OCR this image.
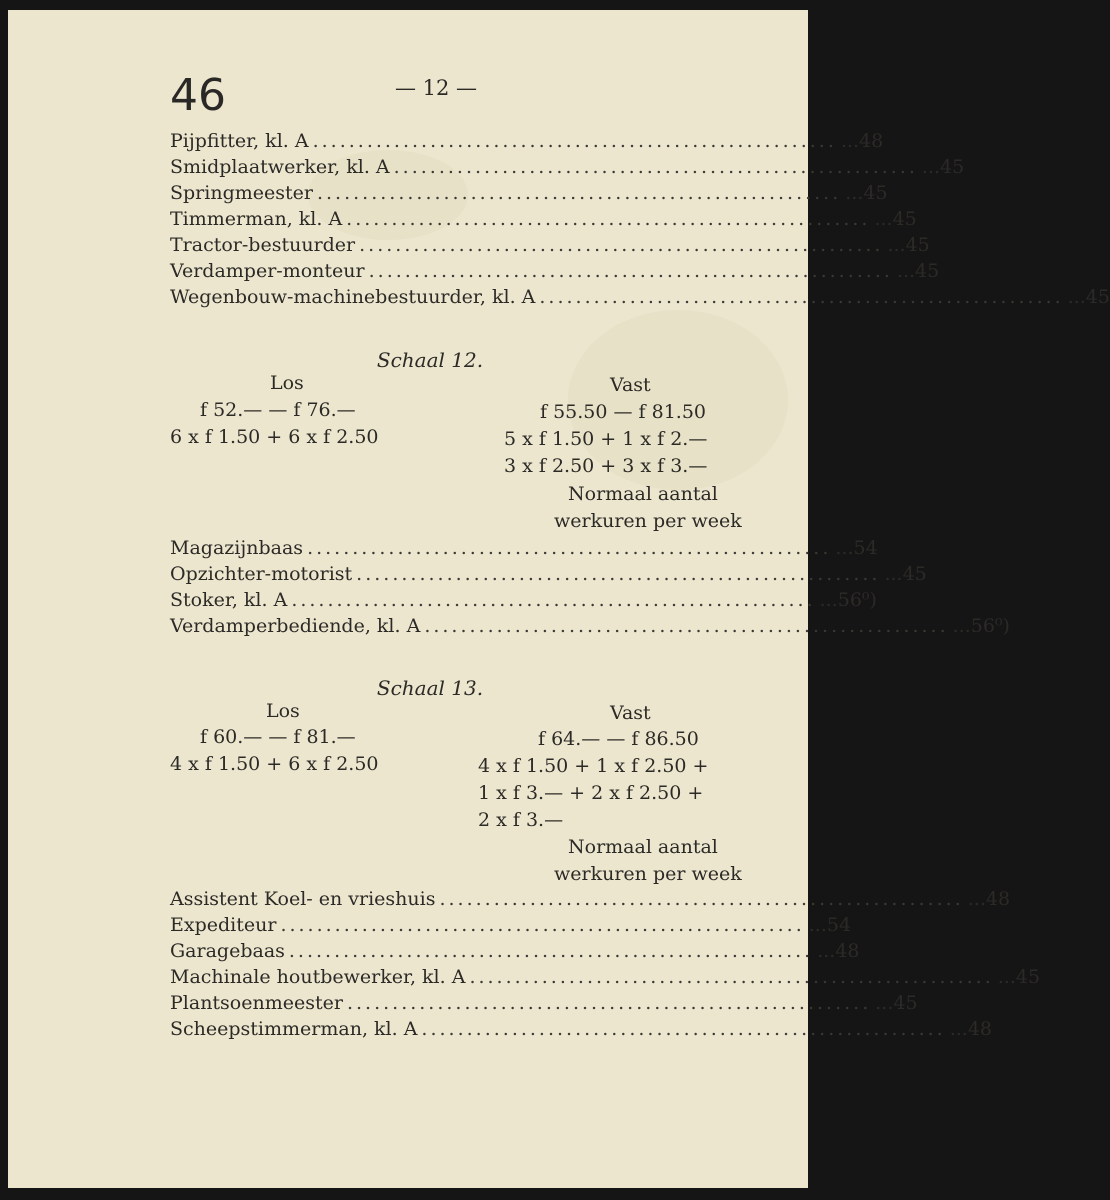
46	— 12 —
Pijpfitter, kl. A .......................................................... ...48
Smidplaatwerker, kl. A .......................................................... ...45
Springmeester .......................................................... ...45
Timmerman, kl. A .......................................................... ...45
Tractor-bestuurder .......................................................... ...45
Verdamper-monteur .......................................................... ...45
Wegenbouw-machinebestuurder, kl. A .......................................................... ...45
Schaal 12.
Los
f 52.— — f 76.—
6 x f 1.50 + 6 x f 2.50
Vast
f 55.50 — f 81.50
5 x f 1.50 + 1 x f 2.—
3 x f 2.50 + 3 x f 3.—
Normaal aantal
werkuren per week
Magazijnbaas .......................................................... ...54
Opzichter-motorist .......................................................... ...45
Stoker, kl. A .......................................................... ...56⁰)
Verdamperbediende, kl. A .......................................................... ...56⁰)
Schaal 13.
Los
f 60.— — f 81.—
4 x f 1.50 + 6 x f 2.50
Vast
f 64.— — f 86.50
4 x f 1.50 + 1 x f 2.50 +
1 x f 3.— + 2 x f 2.50 +
2 x f 3.—
Normaal aantal
werkuren per week
Assistent Koel- en vrieshuis .......................................................... ...48
Expediteur .......................................................... ...54
Garagebaas .......................................................... ...48
Machinale houtbewerker, kl. A .......................................................... ...45
Plantsoenmeester .......................................................... ...45
Scheepstimmerman, kl. A .......................................................... ...48
